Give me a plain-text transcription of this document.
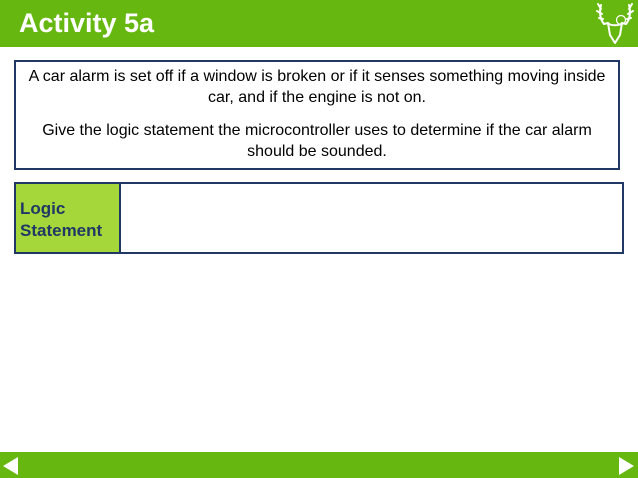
Activity 5a

A car alarm is set off if a window is broken or if it senses something moving inside car, and if the engine is not on.

Give the logic statement the microcontroller uses to determine if the car alarm should be sounded.

Logic Statement
